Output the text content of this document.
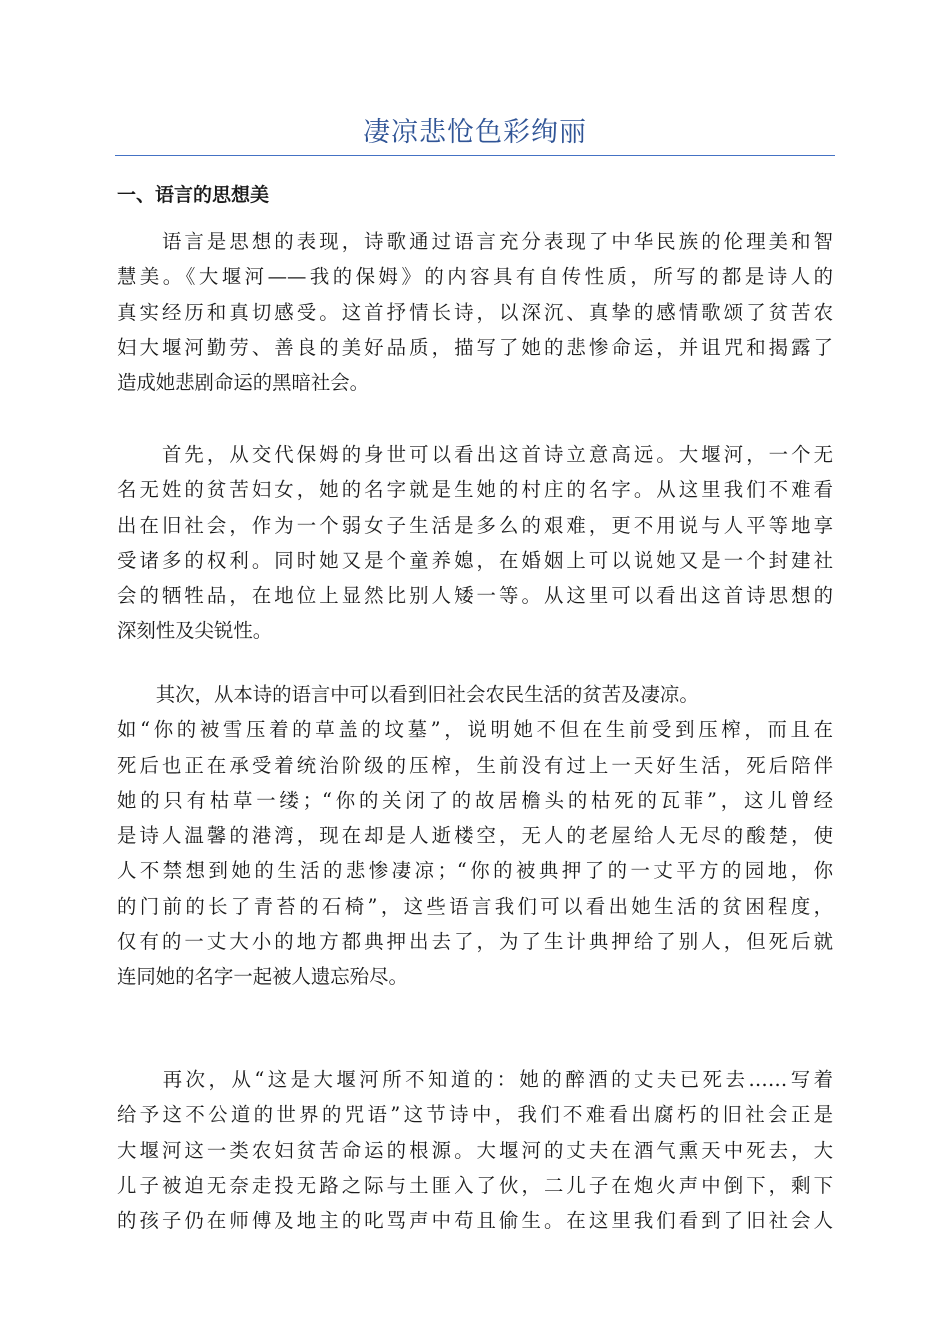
凄凉悲怆色彩绚丽
一、语言的思想美
　　语言是思想的表现，诗歌通过语言充分表现了中华民族的伦理美和智
慧美。《大堰河——我的保姆》的内容具有自传性质，所写的都是诗人的
真实经历和真切感受。这首抒情长诗，以深沉、真挚的感情歌颂了贫苦农
妇大堰河勤劳、善良的美好品质，描写了她的悲惨命运，并诅咒和揭露了
造成她悲剧命运的黑暗社会。
　　首先，从交代保姆的身世可以看出这首诗立意高远。大堰河，一个无
名无姓的贫苦妇女，她的名字就是生她的村庄的名字。从这里我们不难看
出在旧社会，作为一个弱女子生活是多么的艰难，更不用说与人平等地享
受诸多的权利。同时她又是个童养媳，在婚姻上可以说她又是一个封建社
会的牺牲品，在地位上显然比别人矮一等。从这里可以看出这首诗思想的
深刻性及尖锐性。
　　其次，从本诗的语言中可以看到旧社会农民生活的贫苦及凄凉。
如“你的被雪压着的草盖的坟墓”，说明她不但在生前受到压榨，而且在
死后也正在承受着统治阶级的压榨，生前没有过上一天好生活，死后陪伴
她的只有枯草一缕；“你的关闭了的故居檐头的枯死的瓦菲”，这儿曾经
是诗人温馨的港湾，现在却是人逝楼空，无人的老屋给人无尽的酸楚，使
人不禁想到她的生活的悲惨凄凉；“你的被典押了的一丈平方的园地，你
的门前的长了青苔的石椅”，这些语言我们可以看出她生活的贫困程度，
仅有的一丈大小的地方都典押出去了，为了生计典押给了别人，但死后就
连同她的名字一起被人遗忘殆尽。
　　再次，从“这是大堰河所不知道的：她的醉酒的丈夫已死去……写着
给予这不公道的世界的咒语”这节诗中，我们不难看出腐朽的旧社会正是
大堰河这一类农妇贫苦命运的根源。大堰河的丈夫在酒气熏天中死去，大
儿子被迫无奈走投无路之际与土匪入了伙，二儿子在炮火声中倒下，剩下
的孩子仍在师傅及地主的叱骂声中苟且偷生。在这里我们看到了旧社会人
